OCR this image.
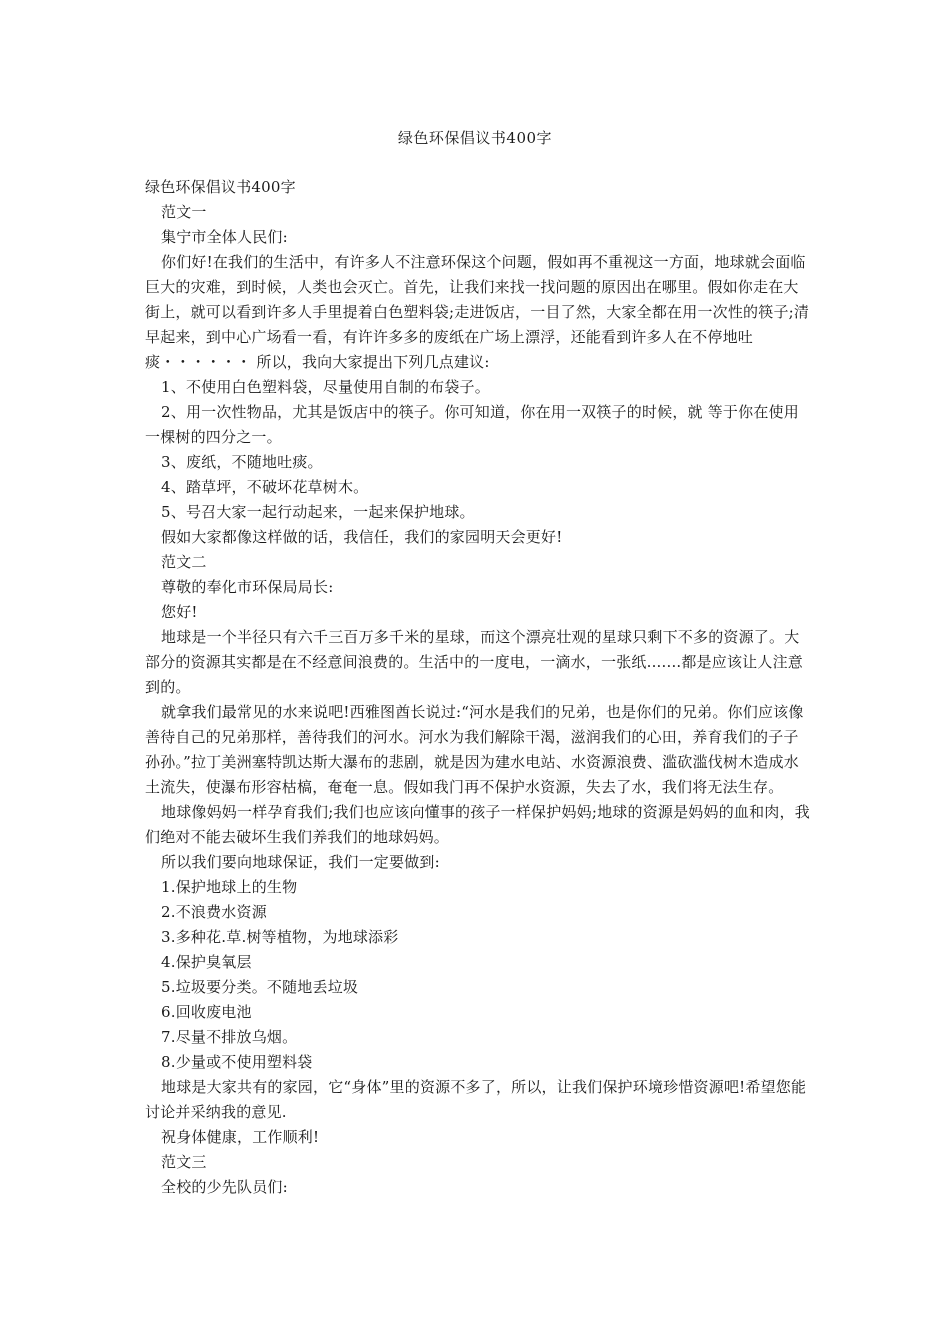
绿色环保倡议书400字

绿色环保倡议书400字

范文一

集宁市全体人民们:

你们好!在我们的生活中，有许多人不注意环保这个问题，假如再不重视这一方面，地球就会面临巨大的灾难，到时候，人类也会灭亡。首先，让我们来找一找问题的原因出在哪里。假如你走在大街上，就可以看到许多人手里提着白色塑料袋;走进饭店，一目了然，大家全都在用一次性的筷子;清早起来，到中心广场看一看，有许许多多的废纸在广场上漂浮，还能看到许多人在不停地吐痰・・・・・・ 所以，我向大家提出下列几点建议:

1、不使用白色塑料袋，尽量使用自制的布袋子。

2、用一次性物品，尤其是饭店中的筷子。你可知道，你在用一双筷子的时候，就 等于你在使用一棵树的四分之一。

3、废纸，不随地吐痰。

4、踏草坪，不破坏花草树木。

5、号召大家一起行动起来，一起来保护地球。

假如大家都像这样做的话，我信任，我们的家园明天会更好!

范文二

尊敬的奉化市环保局局长:

您好!

地球是一个半径只有六千三百万多千米的星球，而这个漂亮壮观的星球只剩下不多的资源了。大部分的资源其实都是在不经意间浪费的。生活中的一度电，一滴水，一张纸.......都是应该让人注意到的。

就拿我们最常见的水来说吧!西雅图酋长说过:“河水是我们的兄弟，也是你们的兄弟。你们应该像善待自己的兄弟那样，善待我们的河水。河水为我们解除干渴，滋润我们的心田，养育我们的子子孙孙。”拉丁美洲塞特凯达斯大瀑布的悲剧，就是因为建水电站、水资源浪费、滥砍滥伐树木造成水土流失，使瀑布形容枯槁，奄奄一息。假如我门再不保护水资源，失去了水，我们将无法生存。

地球像妈妈一样孕育我们;我们也应该向懂事的孩子一样保护妈妈;地球的资源是妈妈的血和肉，我们绝对不能去破坏生我们养我们的地球妈妈。

所以我们要向地球保证，我们一定要做到:

1.保护地球上的生物

2.不浪费水资源

3.多种花.草.树等植物，为地球添彩

4.保护臭氧层

5.垃圾要分类。不随地丢垃圾

6.回收废电池

7.尽量不排放乌烟。

8.少量或不使用塑料袋

地球是大家共有的家园，它“身体”里的资源不多了，所以，让我们保护环境珍惜资源吧!希望您能讨论并采纳我的意见.

祝身体健康，工作顺利!

范文三

全校的少先队员们:
